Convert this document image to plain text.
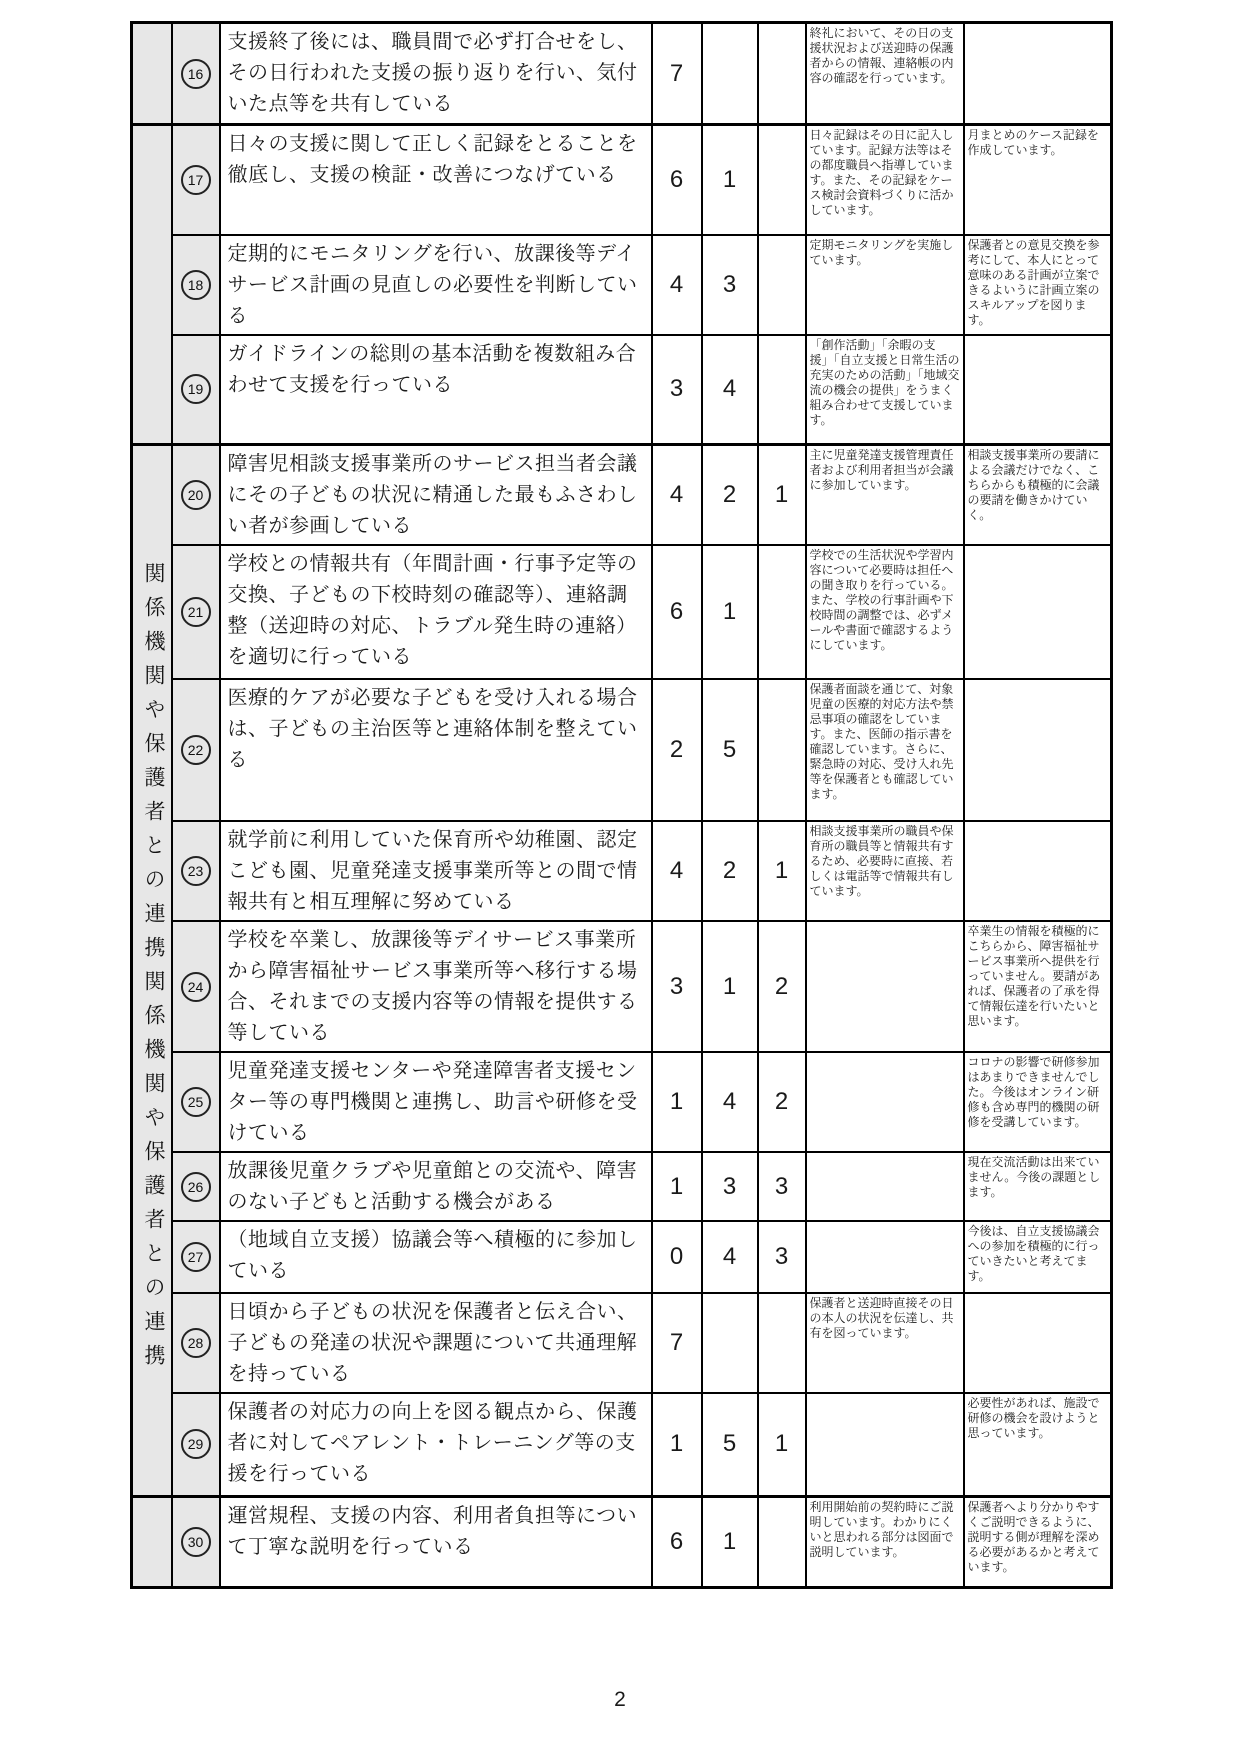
	16	支援終了後には、職員間で必ず打合せをし、その日行われた支援の振り返りを行い、気付いた点等を共有している	7			終礼において、その日の支援状況および送迎時の保護者からの情報、連絡帳の内容の確認を行っています。	

	17	日々の支援に関して正しく記録をとることを徹底し、支援の検証・改善につなげている	6	1		日々記録はその日に記入しています。記録方法等はその都度職員へ指導しています。また、その記録をケース検討会資料づくりに活かしています。	月まとめのケース記録を作成しています。
	18	定期的にモニタリングを行い、放課後等デイサービス計画の見直しの必要性を判断している	4	3		定期モニタリングを実施しています。	保護者との意見交換を参考にして、本人にとって意味のある計画が立案できるよいうに計画立案のスキルアップを図ります。
	19	ガイドラインの総則の基本活動を複数組み合わせて支援を行っている	3	4		「創作活動」「余暇の支援」「自立支援と日常生活の充実のための活動」「地域交流の機会の提供」をうまく組み合わせて支援しています。	

関係機関や保護者との連携関係機関や保護者との連携	20	障害児相談支援事業所のサービス担当者会議にその子どもの状況に精通した最もふさわしい者が参画している	4	2	1	主に児童発達支援管理責任者および利用者担当が会議に参加しています。	相談支援事業所の要請による会議だけでなく、こちらからも積極的に会議の要請を働きかけていく。
	21	学校との情報共有（年間計画・行事予定等の交換、子どもの下校時刻の確認等）、連絡調整（送迎時の対応、トラブル発生時の連絡）を適切に行っている	6	1		学校での生活状況や学習内容について必要時は担任への聞き取りを行っている。また、学校の行事計画や下校時間の調整では、必ずメールや書面で確認するようにしています。	
	22	医療的ケアが必要な子どもを受け入れる場合は、子どもの主治医等と連絡体制を整えている	2	5		保護者面談を通じて、対象児童の医療的対応方法や禁忌事項の確認をしています。また、医師の指示書を確認しています。さらに、緊急時の対応、受け入れ先等を保護者とも確認しています。	
	23	就学前に利用していた保育所や幼稚園、認定こども園、児童発達支援事業所等との間で情報共有と相互理解に努めている	4	2	1	相談支援事業所の職員や保育所の職員等と情報共有するため、必要時に直接、若しくは電話等で情報共有しています。	
	24	学校を卒業し、放課後等デイサービス事業所から障害福祉サービス事業所等へ移行する場合、それまでの支援内容等の情報を提供する等している	3	1	2		卒業生の情報を積極的にこちらから、障害福祉サービス事業所へ提供を行っていません。要請があれば、保護者の了承を得て情報伝達を行いたいと思います。
	25	児童発達支援センターや発達障害者支援センター等の専門機関と連携し、助言や研修を受けている	1	4	2		コロナの影響で研修参加はあまりできませんでした。今後はオンライン研修も含め専門的機関の研修を受講しています。
	26	放課後児童クラブや児童館との交流や、障害のない子どもと活動する機会がある	1	3	3		現在交流活動は出来ていません。今後の課題とします。
	27	（地域自立支援）協議会等へ積極的に参加している	0	4	3		今後は、自立支援協議会への参加を積極的に行っていきたいと考えてます。
	28	日頃から子どもの状況を保護者と伝え合い、子どもの発達の状況や課題について共通理解を持っている	7			保護者と送迎時直接その日の本人の状況を伝達し、共有を図っています。	
	29	保護者の対応力の向上を図る観点から、保護者に対してペアレント・トレーニング等の支援を行っている	1	5	1		必要性があれば、施設で研修の機会を設けようと思っています。

	30	運営規程、支援の内容、利用者負担等について丁寧な説明を行っている	6	1		利用開始前の契約時にご説明しています。わかりにくいと思われる部分は図面で説明しています。	保護者へより分かりやすくご説明できるように、説明する側が理解を深める必要があるかと考えています。
2
